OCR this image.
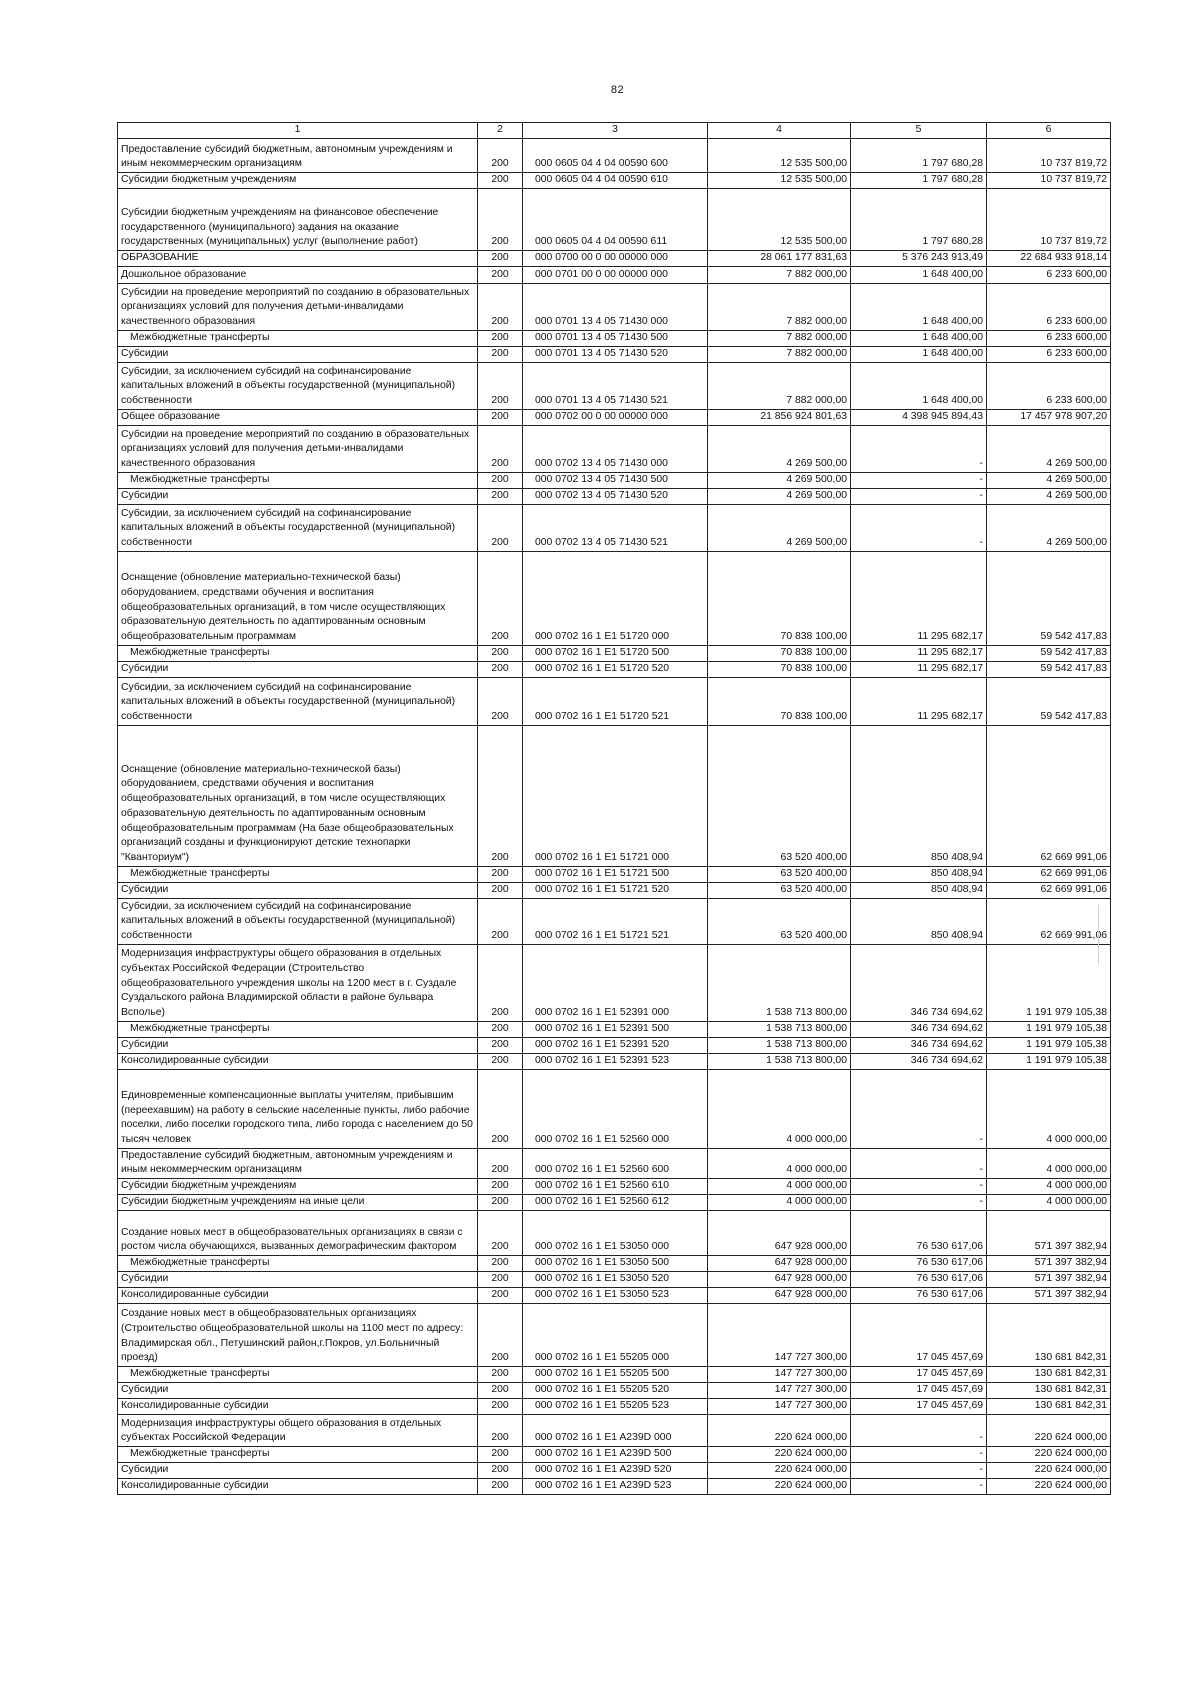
82
1	2	3	4	5	6
Предоставление субсидий бюджетным, автономным учреждениям и иным некоммерческим организациям	200	000 0605 04 4 04 00590 600	12 535 500,00	1 797 680,28	10 737 819,72
Субсидии бюджетным учреждениям	200	000 0605 04 4 04 00590 610	12 535 500,00	1 797 680,28	10 737 819,72
Субсидии бюджетным учреждениям на финансовое обеспечение государственного (муниципального) задания на оказание государственных (муниципальных) услуг (выполнение работ)	200	000 0605 04 4 04 00590 611	12 535 500,00	1 797 680,28	10 737 819,72
ОБРАЗОВАНИЕ	200	000 0700 00 0 00 00000 000	28 061 177 831,63	5 376 243 913,49	22 684 933 918,14
Дошкольное образование	200	000 0701 00 0 00 00000 000	7 882 000,00	1 648 400,00	6 233 600,00
Субсидии на проведение мероприятий по созданию в образовательных организациях условий для получения детьми-инвалидами качественного образования	200	000 0701 13 4 05 71430 000	7 882 000,00	1 648 400,00	6 233 600,00
Межбюджетные трансферты	200	000 0701 13 4 05 71430 500	7 882 000,00	1 648 400,00	6 233 600,00
Субсидии	200	000 0701 13 4 05 71430 520	7 882 000,00	1 648 400,00	6 233 600,00
Субсидии, за исключением субсидий на софинансирование капитальных вложений в объекты государственной (муниципальной) собственности	200	000 0701 13 4 05 71430 521	7 882 000,00	1 648 400,00	6 233 600,00
Общее образование	200	000 0702 00 0 00 00000 000	21 856 924 801,63	4 398 945 894,43	17 457 978 907,20
Субсидии на проведение мероприятий по созданию в образовательных организациях условий для получения детьми-инвалидами качественного образования	200	000 0702 13 4 05 71430 000	4 269 500,00	-	4 269 500,00
Межбюджетные трансферты	200	000 0702 13 4 05 71430 500	4 269 500,00	-	4 269 500,00
Субсидии	200	000 0702 13 4 05 71430 520	4 269 500,00	-	4 269 500,00
Субсидии, за исключением субсидий на софинансирование капитальных вложений в объекты государственной (муниципальной) собственности	200	000 0702 13 4 05 71430 521	4 269 500,00	-	4 269 500,00
Оснащение (обновление материально-технической базы) оборудованием, средствами обучения и воспитания общеобразовательных организаций, в том числе осуществляющих образовательную деятельность по адаптированным основным общеобразовательным программам	200	000 0702 16 1 E1 51720 000	70 838 100,00	11 295 682,17	59 542 417,83
Межбюджетные трансферты	200	000 0702 16 1 E1 51720 500	70 838 100,00	11 295 682,17	59 542 417,83
Субсидии	200	000 0702 16 1 E1 51720 520	70 838 100,00	11 295 682,17	59 542 417,83
Субсидии, за исключением субсидий на софинансирование капитальных вложений в объекты государственной (муниципальной) собственности	200	000 0702 16 1 E1 51720 521	70 838 100,00	11 295 682,17	59 542 417,83
Оснащение (обновление материально-технической базы) оборудованием, средствами обучения и воспитания общеобразовательных организаций, в том числе осуществляющих образовательную деятельность по адаптированным основным общеобразовательным программам (На базе общеобразовательных организаций созданы и функционируют детские технопарки "Кванториум")	200	000 0702 16 1 E1 51721 000	63 520 400,00	850 408,94	62 669 991,06
Межбюджетные трансферты	200	000 0702 16 1 E1 51721 500	63 520 400,00	850 408,94	62 669 991,06
Субсидии	200	000 0702 16 1 E1 51721 520	63 520 400,00	850 408,94	62 669 991,06
Субсидии, за исключением субсидий на софинансирование капитальных вложений в объекты государственной (муниципальной) собственности	200	000 0702 16 1 E1 51721 521	63 520 400,00	850 408,94	62 669 991,06
Модернизация инфраструктуры общего образования в отдельных субъектах Российской Федерации (Строительство общеобразовательного учреждения школы на 1200 мест в г. Суздале Суздальского района Владимирской области в районе бульвара Всполье)	200	000 0702 16 1 E1 52391 000	1 538 713 800,00	346 734 694,62	1 191 979 105,38
Межбюджетные трансферты	200	000 0702 16 1 E1 52391 500	1 538 713 800,00	346 734 694,62	1 191 979 105,38
Субсидии	200	000 0702 16 1 E1 52391 520	1 538 713 800,00	346 734 694,62	1 191 979 105,38
Консолидированные субсидии	200	000 0702 16 1 E1 52391 523	1 538 713 800,00	346 734 694,62	1 191 979 105,38
Единовременные компенсационные выплаты учителям, прибывшим (переехавшим) на работу в сельские населенные пункты, либо рабочие поселки, либо поселки городского типа, либо города с населением до 50 тысяч человек	200	000 0702 16 1 E1 52560 000	4 000 000,00	-	4 000 000,00
Предоставление субсидий бюджетным, автономным учреждениям и иным некоммерческим организациям	200	000 0702 16 1 E1 52560 600	4 000 000,00	-	4 000 000,00
Субсидии бюджетным учреждениям	200	000 0702 16 1 E1 52560 610	4 000 000,00	-	4 000 000,00
Субсидии бюджетным учреждениям на иные цели	200	000 0702 16 1 E1 52560 612	4 000 000,00	-	4 000 000,00
Создание новых мест в общеобразовательных организациях в связи с ростом числа обучающихся, вызванных демографическим фактором	200	000 0702 16 1 E1 53050 000	647 928 000,00	76 530 617,06	571 397 382,94
Межбюджетные трансферты	200	000 0702 16 1 E1 53050 500	647 928 000,00	76 530 617,06	571 397 382,94
Субсидии	200	000 0702 16 1 E1 53050 520	647 928 000,00	76 530 617,06	571 397 382,94
Консолидированные субсидии	200	000 0702 16 1 E1 53050 523	647 928 000,00	76 530 617,06	571 397 382,94
Создание новых мест в общеобразовательных организациях (Строительство общеобразовательной школы на 1100 мест по адресу: Владимирская обл., Петушинский район,г.Покров, ул.Больничный проезд)	200	000 0702 16 1 E1 55205 000	147 727 300,00	17 045 457,69	130 681 842,31
Межбюджетные трансферты	200	000 0702 16 1 E1 55205 500	147 727 300,00	17 045 457,69	130 681 842,31
Субсидии	200	000 0702 16 1 E1 55205 520	147 727 300,00	17 045 457,69	130 681 842,31
Консолидированные субсидии	200	000 0702 16 1 E1 55205 523	147 727 300,00	17 045 457,69	130 681 842,31
Модернизация инфраструктуры общего образования в отдельных субъектах Российской Федерации	200	000 0702 16 1 E1 A239D 000	220 624 000,00	-	220 624 000,00
Межбюджетные трансферты	200	000 0702 16 1 E1 A239D 500	220 624 000,00	-	220 624 000,00
Субсидии	200	000 0702 16 1 E1 A239D 520	220 624 000,00	-	220 624 000,00
Консолидированные субсидии	200	000 0702 16 1 E1 A239D 523	220 624 000,00	-	220 624 000,00
